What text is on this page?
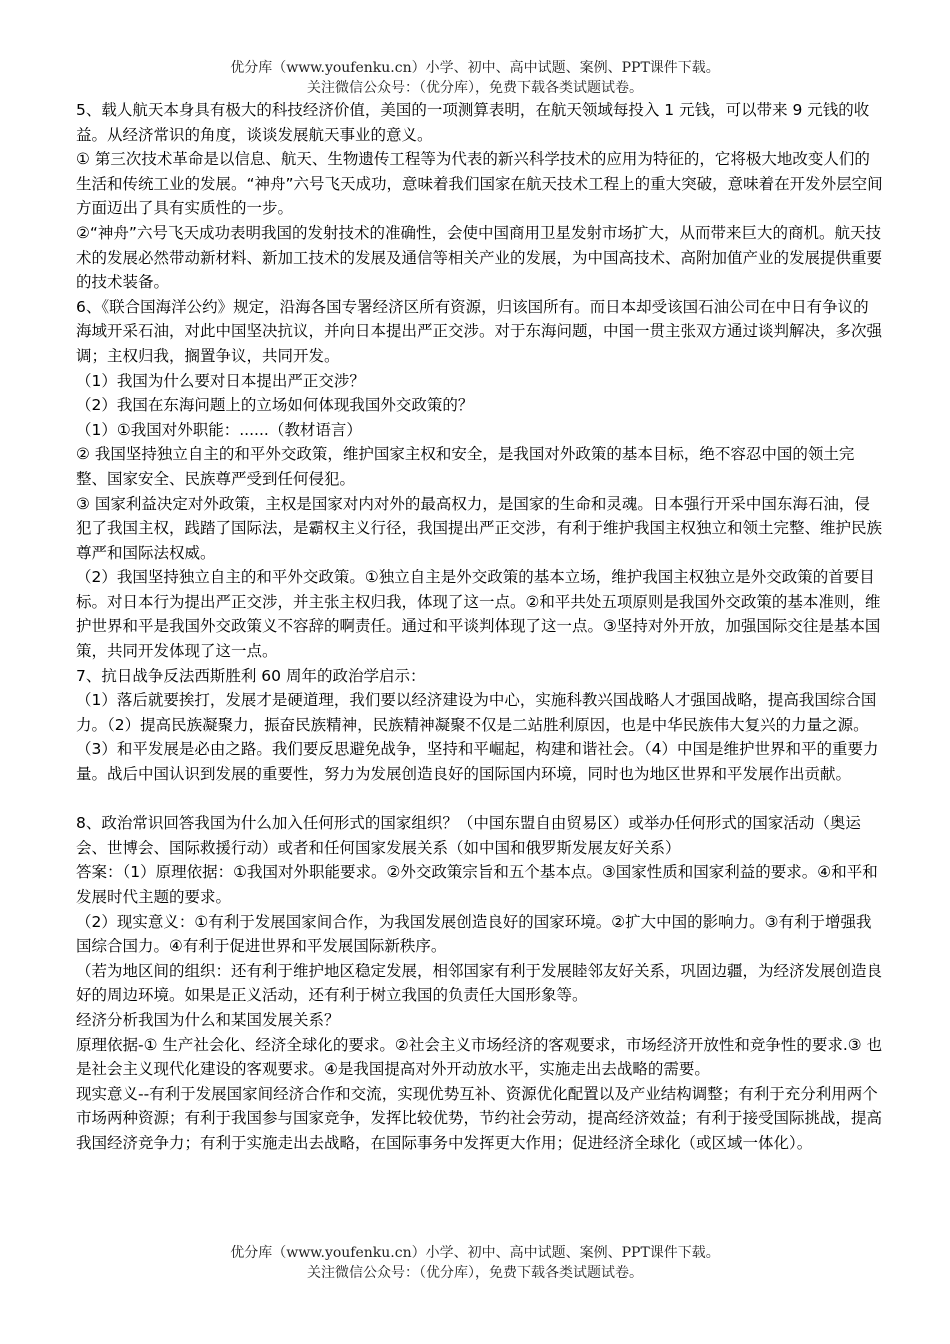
优分库（www.youfenku.cn）小学、初中、高中试题、案例、PPT课件下载。
关注微信公众号：（优分库），免费下载各类试题试卷。

5、载人航天本身具有极大的科技经济价值，美国的一项测算表明，在航天领域每投入 1 元钱，可以带来 9 元钱的收益。从经济常识的角度，谈谈发展航天事业的意义。

① 第三次技术革命是以信息、航天、生物遗传工程等为代表的新兴科学技术的应用为特征的，它将极大地改变人们的生活和传统工业的发展。“神舟”六号飞天成功，意味着我们国家在航天技术工程上的重大突破，意味着在开发外层空间方面迈出了具有实质性的一步。

②“神舟”六号飞天成功表明我国的发射技术的准确性，会使中国商用卫星发射市场扩大，从而带来巨大的商机。航天技术的发展必然带动新材料、新加工技术的发展及通信等相关产业的发展，为中国高技术、高附加值产业的发展提供重要的技术装备。

6、《联合国海洋公约》规定，沿海各国专署经济区所有资源，归该国所有。而日本却受该国石油公司在中日有争议的海域开采石油，对此中国坚决抗议，并向日本提出严正交涉。对于东海问题，中国一贯主张双方通过谈判解决，多次强调；主权归我，搁置争议，共同开发。

（1）我国为什么要对日本提出严正交涉？

（2）我国在东海问题上的立场如何体现我国外交政策的？

（1）①我国对外职能：......（教材语言）

② 我国坚持独立自主的和平外交政策，维护国家主权和安全，是我国对外政策的基本目标，绝不容忍中国的领土完整、国家安全、民族尊严受到任何侵犯。

③ 国家利益决定对外政策，主权是国家对内对外的最高权力，是国家的生命和灵魂。日本强行开采中国东海石油，侵犯了我国主权，践踏了国际法，是霸权主义行径，我国提出严正交涉，有利于维护我国主权独立和领土完整、维护民族尊严和国际法权威。

（2）我国坚持独立自主的和平外交政策。①独立自主是外交政策的基本立场，维护我国主权独立是外交政策的首要目标。对日本行为提出严正交涉，并主张主权归我，体现了这一点。②和平共处五项原则是我国外交政策的基本准则，维护世界和平是我国外交政策义不容辞的啊责任。通过和平谈判体现了这一点。③坚持对外开放，加强国际交往是基本国策，共同开发体现了这一点。

7、抗日战争反法西斯胜利 60 周年的政治学启示：

（1）落后就要挨打，发展才是硬道理，我们要以经济建设为中心，实施科教兴国战略人才强国战略，提高我国综合国力。（2）提高民族凝聚力，振奋民族精神，民族精神凝聚不仅是二站胜利原因，也是中华民族伟大复兴的力量之源。（3）和平发展是必由之路。我们要反思避免战争，坚持和平崛起，构建和谐社会。（4）中国是维护世界和平的重要力量。战后中国认识到发展的重要性，努力为发展创造良好的国际国内环境，同时也为地区世界和平发展作出贡献。

8、政治常识回答我国为什么加入任何形式的国家组织？（中国东盟自由贸易区）或举办任何形式的国家活动（奥运会、世博会、国际救援行动）或者和任何国家发展关系（如中国和俄罗斯发展友好关系）

答案：（1）原理依据：①我国对外职能要求。②外交政策宗旨和五个基本点。③国家性质和国家利益的要求。④和平和发展时代主题的要求。

（2）现实意义：①有利于发展国家间合作，为我国发展创造良好的国家环境。②扩大中国的影响力。③有利于增强我国综合国力。④有利于促进世界和平发展国际新秩序。

（若为地区间的组织：还有利于维护地区稳定发展，相邻国家有利于发展睦邻友好关系，巩固边疆，为经济发展创造良好的周边环境。如果是正义活动，还有利于树立我国的负责任大国形象等。

经济分析我国为什么和某国发展关系？

原理依据-① 生产社会化、经济全球化的要求。②社会主义市场经济的客观要求，市场经济开放性和竞争性的要求.③ 也是社会主义现代化建设的客观要求。④是我国提高对外开动放水平，实施走出去战略的需要。

现实意义--有利于发展国家间经济合作和交流，实现优势互补、资源优化配置以及产业结构调整；有利于充分利用两个市场两种资源；有利于我国参与国家竞争，发挥比较优势，节约社会劳动，提高经济效益；有利于接受国际挑战，提高我国经济竞争力；有利于实施走出去战略，在国际事务中发挥更大作用；促进经济全球化（或区域一体化）。

优分库（www.youfenku.cn）小学、初中、高中试题、案例、PPT课件下载。
关注微信公众号：（优分库），免费下载各类试题试卷。
